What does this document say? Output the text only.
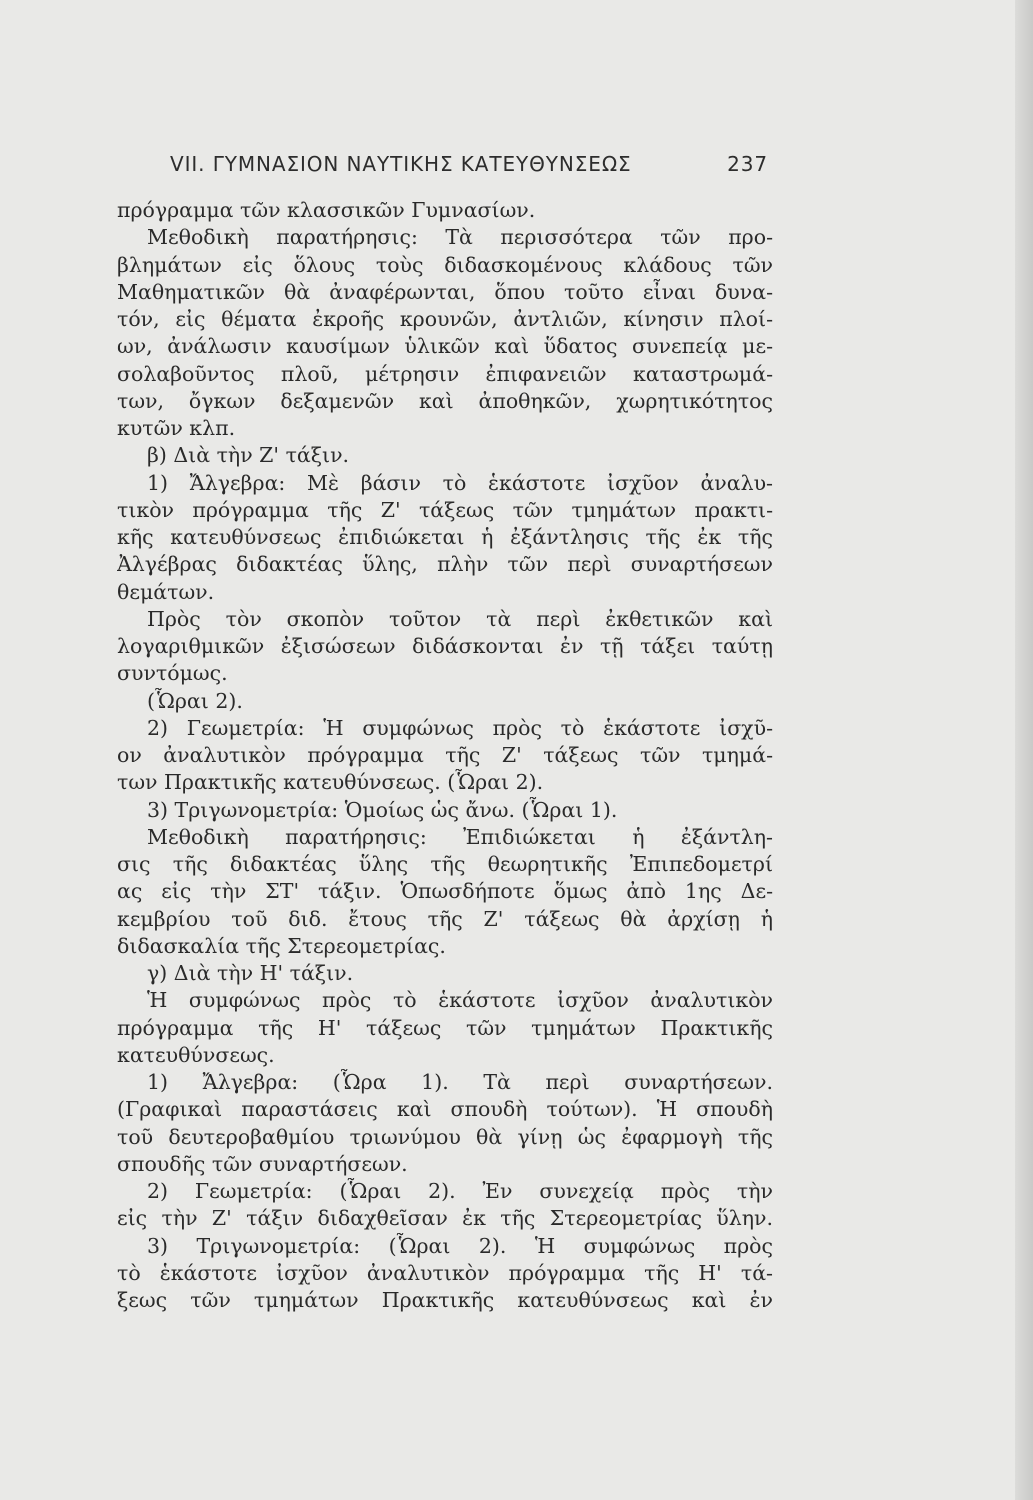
VII. ΓΥΜΝΑΣΙΟΝ ΝΑΥΤΙΚΗΣ ΚΑΤΕΥΘΥΝΣΕΩΣ	237
πρόγραμμα τῶν κλασσικῶν Γυμνασίων.
Μεθοδικὴ παρατήρησις: Τὰ περισσότερα τῶν προ-
βλημάτων εἰς ὅλους τοὺς διδασκομένους κλάδους τῶν
Μαθηματικῶν θὰ ἀναφέρωνται, ὅπου τοῦτο εἶναι δυνα-
τόν, εἰς θέματα ἐκροῆς κρουνῶν, ἀντλιῶν, κίνησιν πλοί-
ων, ἀνάλωσιν καυσίμων ὑλικῶν καὶ ὕδατος συνεπείᾳ με-
σολαβοῦντος πλοῦ, μέτρησιν ἐπιφανειῶν καταστρωμά-
των, ὄγκων δεξαμενῶν καὶ ἀποθηκῶν, χωρητικότητος
κυτῶν κλπ.
β) Διὰ τὴν Ζ' τάξιν.
1) Ἄλγεβρα: Μὲ βάσιν τὸ ἑκάστοτε ἰσχῦον ἀναλυ-
τικὸν πρόγραμμα τῆς Ζ' τάξεως τῶν τμημάτων πρακτι-
κῆς κατευθύνσεως ἐπιδιώκεται ἡ ἐξάντλησις τῆς ἐκ τῆς
Ἀλγέβρας διδακτέας ὕλης, πλὴν τῶν περὶ συναρτήσεων
θεμάτων.
Πρὸς τὸν σκοπὸν τοῦτον τὰ περὶ ἐκθετικῶν καὶ
λογαριθμικῶν ἐξισώσεων διδάσκονται ἐν τῇ τάξει ταύτῃ
συντόμως.
(Ὧραι 2).
2) Γεωμετρία: Ἡ συμφώνως πρὸς τὸ ἑκάστοτε ἰσχῦ-
ον ἀναλυτικὸν πρόγραμμα τῆς Ζ' τάξεως τῶν τμημά-
των Πρακτικῆς κατευθύνσεως. (Ὧραι 2).
3) Τριγωνομετρία: Ὁμοίως ὡς ἄνω. (Ὧραι 1).
Μεθοδικὴ παρατήρησις: Ἐπιδιώκεται ἡ ἐξάντλη-
σις τῆς διδακτέας ὕλης τῆς θεωρητικῆς Ἐπιπεδομετρί
ας εἰς τὴν ΣΤ' τάξιν. Ὁπωσδήποτε ὅμως ἀπὸ 1ης Δε-
κεμβρίου τοῦ διδ. ἔτους τῆς Ζ' τάξεως θὰ ἀρχίσῃ ἡ
διδασκαλία τῆς Στερεομετρίας.
γ) Διὰ τὴν Η' τάξιν.
Ἡ συμφώνως πρὸς τὸ ἑκάστοτε ἰσχῦον ἀναλυτικὸν
πρόγραμμα τῆς Η' τάξεως τῶν τμημάτων Πρακτικῆς
κατευθύνσεως.
1) Ἄλγεβρα: (Ὧρα 1). Τὰ περὶ συναρτήσεων.
(Γραφικαὶ παραστάσεις καὶ σπουδὴ τούτων). Ἡ σπουδὴ
τοῦ δευτεροβαθμίου τριωνύμου θὰ γίνῃ ὡς ἐφαρμογὴ τῆς
σπουδῆς τῶν συναρτήσεων.
2) Γεωμετρία: (Ὧραι 2). Ἐν συνεχείᾳ πρὸς τὴν
εἰς τὴν Ζ' τάξιν διδαχθεῖσαν ἐκ τῆς Στερεομετρίας ὕλην.
3) Τριγωνομετρία: (Ὧραι 2). Ἡ συμφώνως πρὸς
τὸ ἑκάστοτε ἰσχῦον ἀναλυτικὸν πρόγραμμα τῆς Η' τά-
ξεως τῶν τμημάτων Πρακτικῆς κατευθύνσεως καὶ ἐν
